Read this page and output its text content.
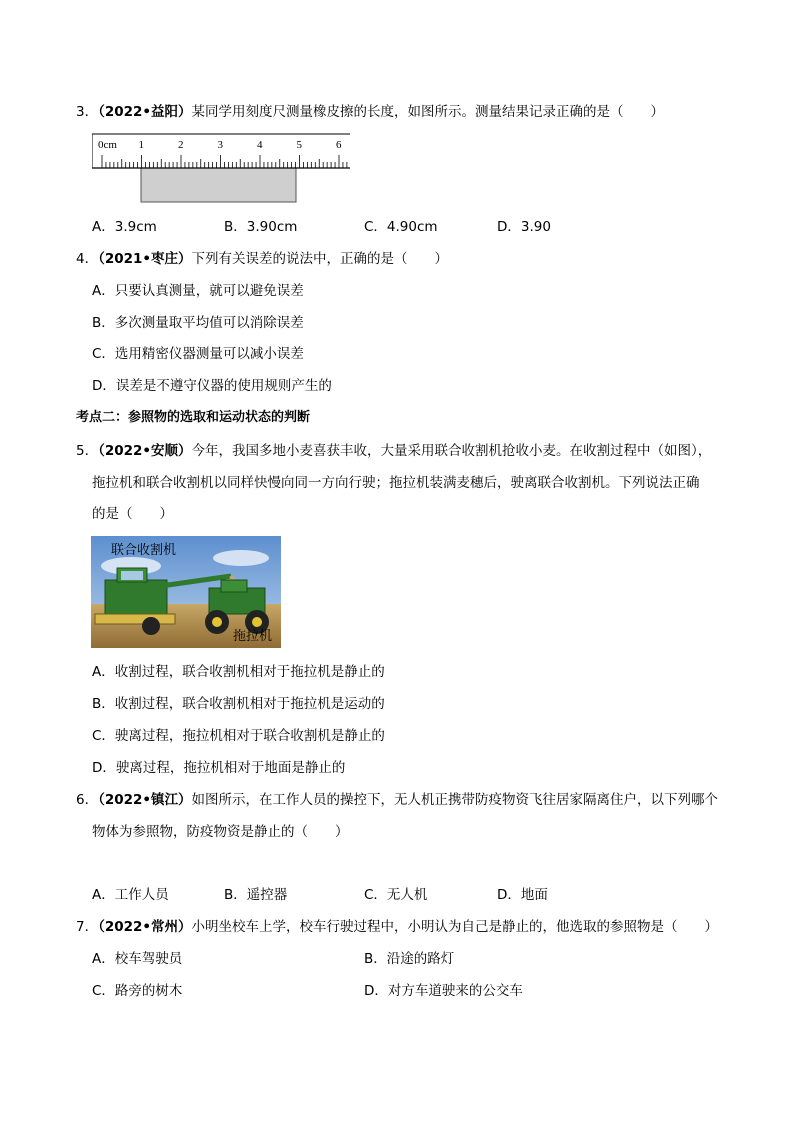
3．（2022•益阳）某同学用刻度尺测量橡皮擦的长度，如图所示。测量结果记录正确的是（　　）
0cm 1	2	3	4	5	6
A．3.9cm	B．3.90cm	C．4.90cm	D．3.90
4．（2021•枣庄）下列有关误差的说法中，正确的是（　　）
A．只要认真测量，就可以避免误差
B．多次测量取平均值可以消除误差
C．选用精密仪器测量可以减小误差
D．误差是不遵守仪器的使用规则产生的
考点二：参照物的选取和运动状态的判断
5．（2022•安顺）今年，我国多地小麦喜获丰收，大量采用联合收割机抢收小麦。在收割过程中（如图），
拖拉机和联合收割机以同样快慢向同一方向行驶；拖拉机装满麦穗后，驶离联合收割机。下列说法正确
的是（　　）
联合收割机
拖拉机
A．收割过程，联合收割机相对于拖拉机是静止的
B．收割过程，联合收割机相对于拖拉机是运动的
C．驶离过程，拖拉机相对于联合收割机是静止的
D．驶离过程，拖拉机相对于地面是静止的
6．（2022•镇江）如图所示，在工作人员的操控下，无人机正携带防疫物资飞往居家隔离住户，以下列哪个
物体为参照物，防疫物资是静止的（　　）
A．工作人员	B．遥控器	C．无人机	D．地面
7．（2022•常州）小明坐校车上学，校车行驶过程中，小明认为自己是静止的，他选取的参照物是（　　）
A．校车驾驶员	B．沿途的路灯
C．路旁的树木	D．对方车道驶来的公交车
